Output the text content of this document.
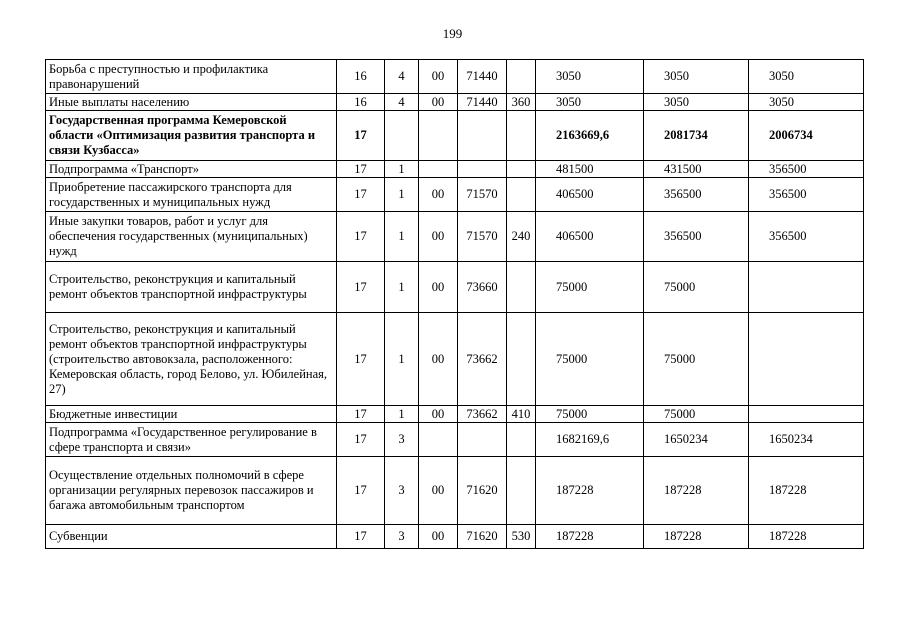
199
Борьба с преступностью и профилактика правонарушений	16	4	00	71440		3050	3050	3050
Иные выплаты населению	16	4	00	71440	360	3050	3050	3050
Государственная программа Кемеровской области «Оптимизация развития транспорта и связи Кузбасса»	17					2163669,6	2081734	2006734
Подпрограмма «Транспорт»	17	1				481500	431500	356500
Приобретение пассажирского транспорта для государственных и муниципальных нужд	17	1	00	71570		406500	356500	356500
Иные закупки товаров, работ и услуг для обеспечения государственных (муниципальных) нужд	17	1	00	71570	240	406500	356500	356500
Строительство, реконструкция и капитальный ремонт объектов транспортной инфраструктуры	17	1	00	73660		75000	75000	
Строительство, реконструкция и капитальный ремонт объектов транспортной инфраструктуры (строительство автовокзала, расположенного: Кемеровская область, город Белово, ул. Юбилейная, 27)	17	1	00	73662		75000	75000	
Бюджетные инвестиции	17	1	00	73662	410	75000	75000	
Подпрограмма «Государственное регулирование в сфере транспорта и связи»	17	3				1682169,6	1650234	1650234
Осуществление отдельных полномочий в сфере организации регулярных перевозок пассажиров и багажа автомобильным транспортом	17	3	00	71620		187228	187228	187228
Субвенции	17	3	00	71620	530	187228	187228	187228
